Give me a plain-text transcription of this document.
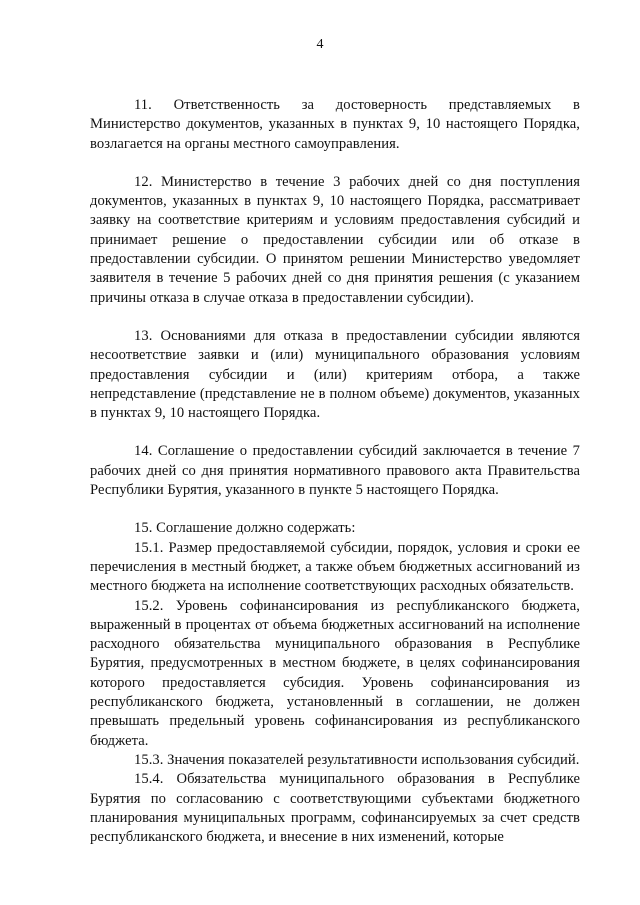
4

11. Ответственность за достоверность представляемых в Министерство документов, указанных в пунктах 9, 10 настоящего Порядка, возлагается на органы местного самоуправления.

12. Министерство в течение 3 рабочих дней со дня поступления документов, указанных в пунктах 9, 10 настоящего Порядка, рассматривает заявку на соответствие критериям и условиям предоставления субсидий и принимает решение о предоставлении субсидии или об отказе в предоставлении субсидии. О принятом решении Министерство уведомляет заявителя в течение 5 рабочих дней со дня принятия решения (с указанием причины отказа в случае отказа в предоставлении субсидии).

13. Основаниями для отказа в предоставлении субсидии являются несоответствие заявки и (или) муниципального образования условиям предоставления субсидии и (или) критериям отбора, а также непредставление (представление не в полном объеме) документов, указанных в пунктах 9, 10 настоящего Порядка.

14. Соглашение о предоставлении субсидий заключается в течение 7 рабочих дней со дня принятия нормативного правового акта Правительства Республики Бурятия, указанного в пункте 5 настоящего Порядка.

15. Соглашение должно содержать:

15.1. Размер предоставляемой субсидии, порядок, условия и сроки ее перечисления в местный бюджет, а также объем бюджетных ассигнований из местного бюджета на исполнение соответствующих расходных обязательств.

15.2. Уровень софинансирования из республиканского бюджета, выраженный в процентах от объема бюджетных ассигнований на исполнение расходного обязательства муниципального образования в Республике Бурятия, предусмотренных в местном бюджете, в целях софинансирования которого предоставляется субсидия. Уровень софинансирования из республиканского бюджета, установленный в соглашении, не должен превышать предельный уровень софинансирования из республиканского бюджета.

15.3. Значения показателей результативности использования субсидий.

15.4. Обязательства муниципального образования в Республике Бурятия по согласованию с соответствующими субъектами бюджетного планирования муниципальных программ, софинансируемых за счет средств республиканского бюджета, и внесение в них изменений, которые
